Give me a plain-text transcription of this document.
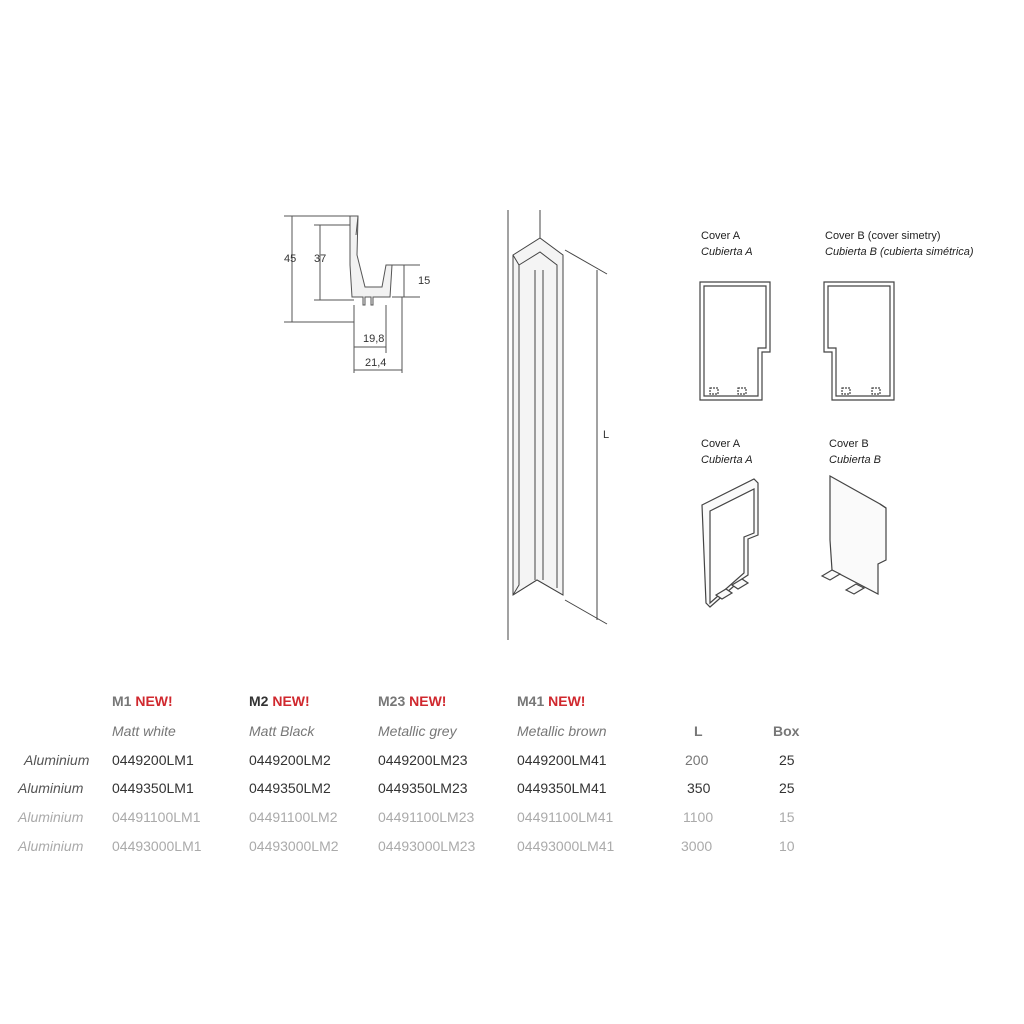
45 37
15
19,8
21,4
L
Cover A
Cubierta A
Cover B (cover simetry)
Cubierta B (cubierta simétrica)
Cover A
Cubierta A
Cover B
Cubierta B
M1 NEW!	M2 NEW!	M23 NEW!	M41 NEW!
Matt white	Matt Black	Metallic grey	Metallic brown	L	Box
Aluminium 0449200LM1	0449200LM2	0449200LM23	0449200LM41	200	25
Aluminium 0449350LM1	0449350LM2	0449350LM23	0449350LM41	350	25
Aluminium 04491100LM1	04491100LM2	04491100LM23	04491100LM41	1100	15
Aluminium 04493000LM1	04493000LM2	04493000LM23	04493000LM41	3000	10
